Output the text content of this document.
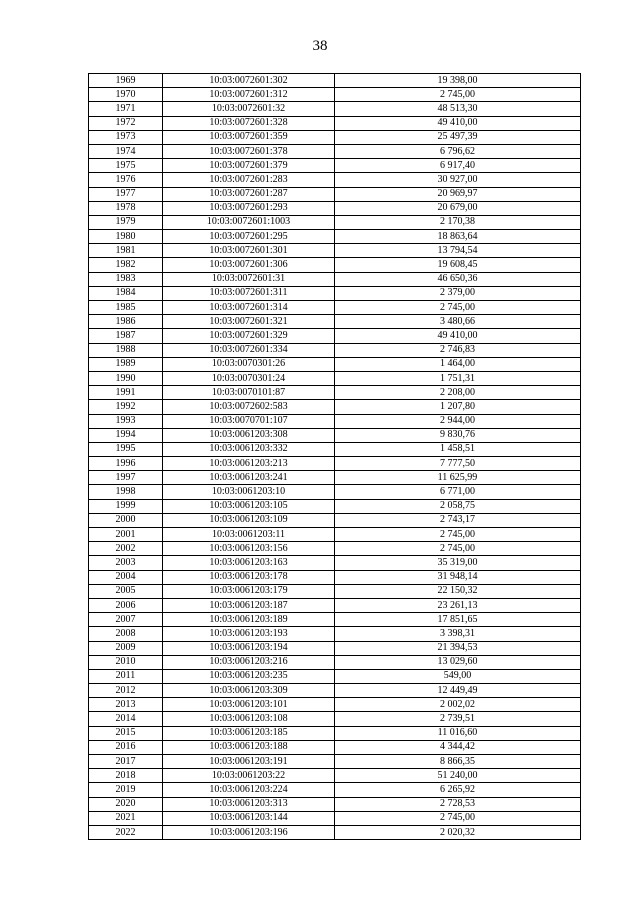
38
1969	10:03:0072601:302	19 398,00
1970	10:03:0072601:312	2 745,00
1971	10:03:0072601:32	48 513,30
1972	10:03:0072601:328	49 410,00
1973	10:03:0072601:359	25 497,39
1974	10:03:0072601:378	6 796,62
1975	10:03:0072601:379	6 917,40
1976	10:03:0072601:283	30 927,00
1977	10:03:0072601:287	20 969,97
1978	10:03:0072601:293	20 679,00
1979	10:03:0072601:1003	2 170,38
1980	10:03:0072601:295	18 863,64
1981	10:03:0072601:301	13 794,54
1982	10:03:0072601:306	19 608,45
1983	10:03:0072601:31	46 650,36
1984	10:03:0072601:311	2 379,00
1985	10:03:0072601:314	2 745,00
1986	10:03:0072601:321	3 480,66
1987	10:03:0072601:329	49 410,00
1988	10:03:0072601:334	2 746,83
1989	10:03:0070301:26	1 464,00
1990	10:03:0070301:24	1 751,31
1991	10:03:0070101:87	2 208,00
1992	10:03:0072602:583	1 207,80
1993	10:03:0070701:107	2 944,00
1994	10:03:0061203:308	9 830,76
1995	10:03:0061203:332	1 458,51
1996	10:03:0061203:213	7 777,50
1997	10:03:0061203:241	11 625,99
1998	10:03:0061203:10	6 771,00
1999	10:03:0061203:105	2 058,75
2000	10:03:0061203:109	2 743,17
2001	10:03:0061203:11	2 745,00
2002	10:03:0061203:156	2 745,00
2003	10:03:0061203:163	35 319,00
2004	10:03:0061203:178	31 948,14
2005	10:03:0061203:179	22 150,32
2006	10:03:0061203:187	23 261,13
2007	10:03:0061203:189	17 851,65
2008	10:03:0061203:193	3 398,31
2009	10:03:0061203:194	21 394,53
2010	10:03:0061203:216	13 029,60
2011	10:03:0061203:235	549,00
2012	10:03:0061203:309	12 449,49
2013	10:03:0061203:101	2 002,02
2014	10:03:0061203:108	2 739,51
2015	10:03:0061203:185	11 016,60
2016	10:03:0061203:188	4 344,42
2017	10:03:0061203:191	8 866,35
2018	10:03:0061203:22	51 240,00
2019	10:03:0061203:224	6 265,92
2020	10:03:0061203:313	2 728,53
2021	10:03:0061203:144	2 745,00
2022	10:03:0061203:196	2 020,32
